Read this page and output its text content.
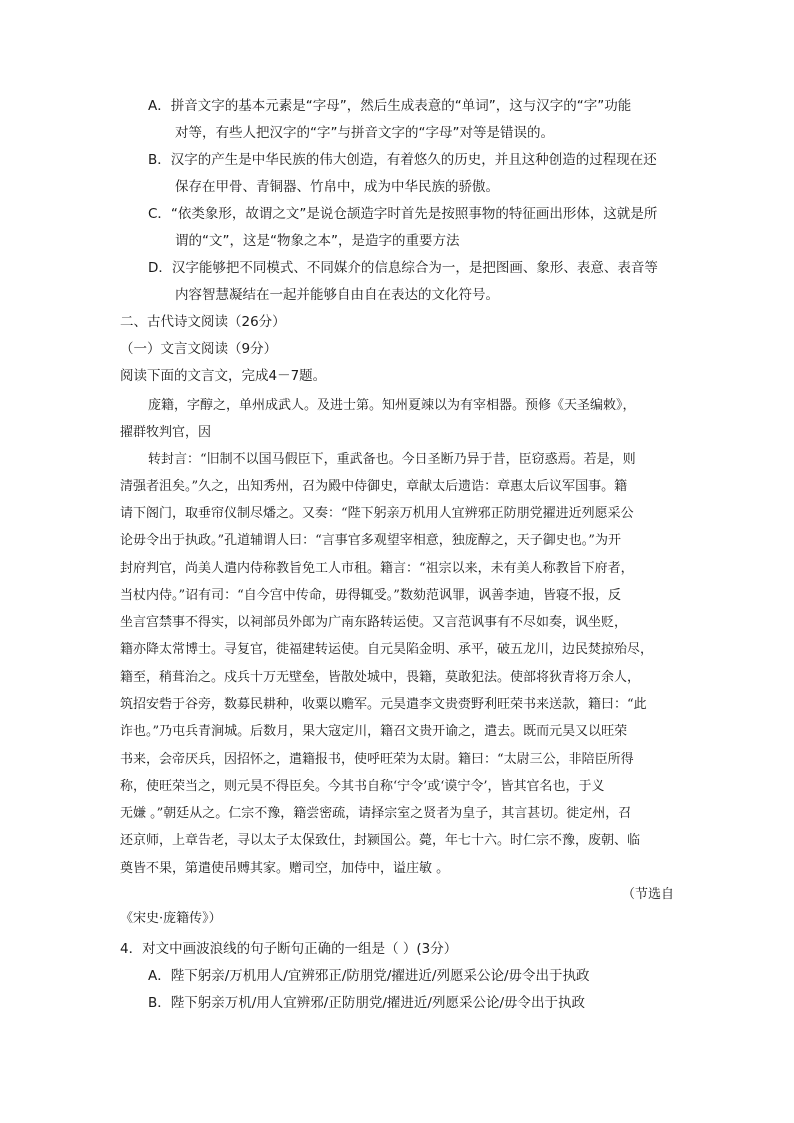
A．拼音文字的基本元素是“字母”，然后生成表意的“单词”，这与汉字的“字”功能
对等，有些人把汉字的“字”与拼音文字的“字母”对等是错误的。
B．汉字的产生是中华民族的伟大创造，有着悠久的历史，并且这种创造的过程现在还
保存在甲骨、青铜器、竹帛中，成为中华民族的骄傲。
C．“依类象形，故谓之文”是说仓颉造字时首先是按照事物的特征画出形体，这就是所
谓的“文”，这是“物象之本”，是造字的重要方法
D．汉字能够把不同模式、不同媒介的信息综合为一，是把图画、象形、表意、表音等
内容智慧凝结在一起并能够自由自在表达的文化符号。
二、古代诗文阅读（26分）
（一）文言文阅读（9分）
阅读下面的文言文，完成4－7题。
庞籍，字醇之，单州成武人。及进士第。知州夏竦以为有宰相器。预修《天圣编敕》，
擢群牧判官，因
转封言：“旧制不以国马假臣下，重武备也。今日圣断乃异于昔，臣窃惑焉。若是，则
清强者沮矣。”久之，出知秀州，召为殿中侍御史，章献太后遗诰：章惠太后议军国事。籍
请下阁门，取垂帘仪制尽燔之。又奏：“陛下躬亲万机用人宜辨邪正防朋党擢进近列愿采公
论毋令出于执政。”孔道辅谓人曰：“言事官多观望宰相意，独庞醇之，天子御史也。”为开
封府判官，尚美人遣内侍称教旨免工人市租。籍言：“祖宗以来，未有美人称教旨下府者，
当杖内侍。”诏有司：“自今宫中传命，毋得辄受。”数劾范讽罪，讽善李迪，皆寝不报，反
坐言宫禁事不得实，以祠部员外郎为广南东路转运使。又言范讽事有不尽如奏，讽坐贬，
籍亦降太常博士。寻复官，徙福建转运使。自元昊陷金明、承平，破五龙川，边民焚掠殆尽，
籍至，稍葺治之。戍兵十万无壁垒，皆散处城中，畏籍，莫敢犯法。使部将狄青将万余人，
筑招安砦于谷旁，数募民耕种，收粟以赡军。元昊遣李文贵赍野利旺荣书来送款，籍曰：“此
诈也。”乃屯兵青涧城。后数月，果大寇定川，籍召文贵开谕之，遣去。既而元昊又以旺荣
书来，会帝厌兵，因招怀之，遣籍报书，使呼旺荣为太尉。籍曰：“太尉三公，非陪臣所得
称，使旺荣当之，则元昊不得臣矣。今其书自称‘宁令’或‘谟宁令’，皆其官名也，于义
无嫌 。”朝廷从之。仁宗不豫，籍尝密疏，请择宗室之贤者为皇子，其言甚切。徙定州，召
还京师，上章告老，寻以太子太保致仕，封颍国公。薨，年七十六。时仁宗不豫，废朝、临
奠皆不果，第遣使吊赙其家。赠司空，加侍中，谥庄敏 。
（节选自
《宋史·庞籍传》）
4．对文中画波浪线的句子断句正确的一组是（ ）(3分）
A．陛下躬亲/万机用人/宜辨邪正/防朋党/擢进近/列愿采公论/毋令出于执政
B．陛下躬亲万机/用人宜辨邪/正防朋党/擢进近/列愿采公论/毋令出于执政
